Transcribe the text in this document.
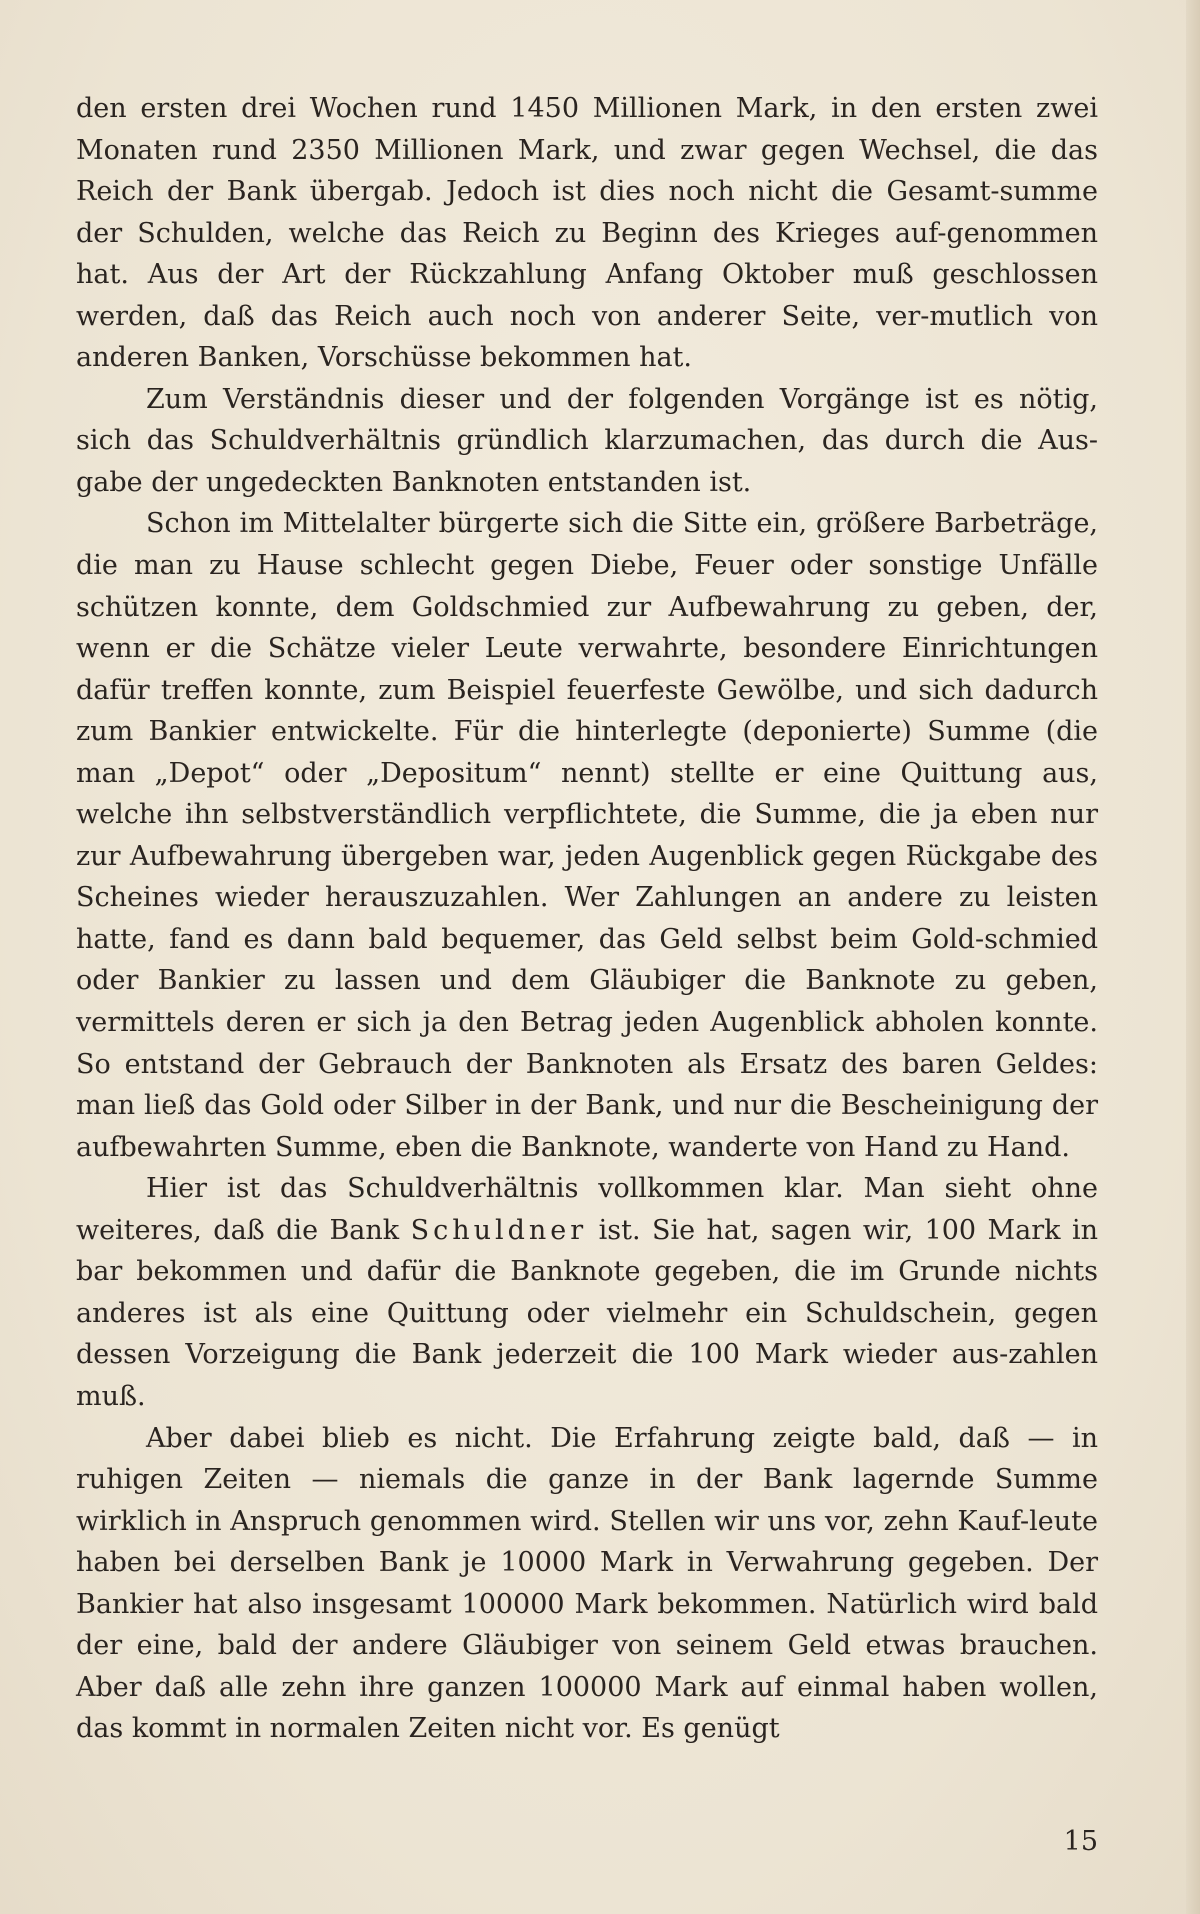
den ersten drei Wochen rund 1450 Millionen Mark, in den ersten zwei Monaten rund 2350 Millionen Mark, und zwar gegen Wechsel, die das Reich der Bank übergab. Jedoch ist dies noch nicht die Gesamt-summe der Schulden, welche das Reich zu Beginn des Krieges auf-genommen hat. Aus der Art der Rückzahlung Anfang Oktober muß geschlossen werden, daß das Reich auch noch von anderer Seite, ver-mutlich von anderen Banken, Vorschüsse bekommen hat.

Zum Verständnis dieser und der folgenden Vorgänge ist es nötig, sich das Schuldverhältnis gründlich klarzumachen, das durch die Aus-gabe der ungedeckten Banknoten entstanden ist.

Schon im Mittelalter bürgerte sich die Sitte ein, größere Barbeträge, die man zu Hause schlecht gegen Diebe, Feuer oder sonstige Unfälle schützen konnte, dem Goldschmied zur Aufbewahrung zu geben, der, wenn er die Schätze vieler Leute verwahrte, besondere Einrichtungen dafür treffen konnte, zum Beispiel feuerfeste Gewölbe, und sich dadurch zum Bankier entwickelte. Für die hinterlegte (deponierte) Summe (die man „Depot“ oder „Depositum“ nennt) stellte er eine Quittung aus, welche ihn selbstverständlich verpflichtete, die Summe, die ja eben nur zur Aufbewahrung übergeben war, jeden Augenblick gegen Rückgabe des Scheines wieder herauszuzahlen. Wer Zahlungen an andere zu leisten hatte, fand es dann bald bequemer, das Geld selbst beim Gold-schmied oder Bankier zu lassen und dem Gläubiger die Banknote zu geben, vermittels deren er sich ja den Betrag jeden Augenblick abholen konnte. So entstand der Gebrauch der Banknoten als Ersatz des baren Geldes: man ließ das Gold oder Silber in der Bank, und nur die Bescheinigung der aufbewahrten Summe, eben die Banknote, wanderte von Hand zu Hand.

Hier ist das Schuldverhältnis vollkommen klar. Man sieht ohne weiteres, daß die Bank Schuldner ist. Sie hat, sagen wir, 100 Mark in bar bekommen und dafür die Banknote gegeben, die im Grunde nichts anderes ist als eine Quittung oder vielmehr ein Schuldschein, gegen dessen Vorzeigung die Bank jederzeit die 100 Mark wieder aus-zahlen muß.

Aber dabei blieb es nicht. Die Erfahrung zeigte bald, daß — in ruhigen Zeiten — niemals die ganze in der Bank lagernde Summe wirklich in Anspruch genommen wird. Stellen wir uns vor, zehn Kauf-leute haben bei derselben Bank je 10000 Mark in Verwahrung gegeben. Der Bankier hat also insgesamt 100000 Mark bekommen. Natürlich wird bald der eine, bald der andere Gläubiger von seinem Geld etwas brauchen. Aber daß alle zehn ihre ganzen 100000 Mark auf einmal haben wollen, das kommt in normalen Zeiten nicht vor. Es genügt

15
